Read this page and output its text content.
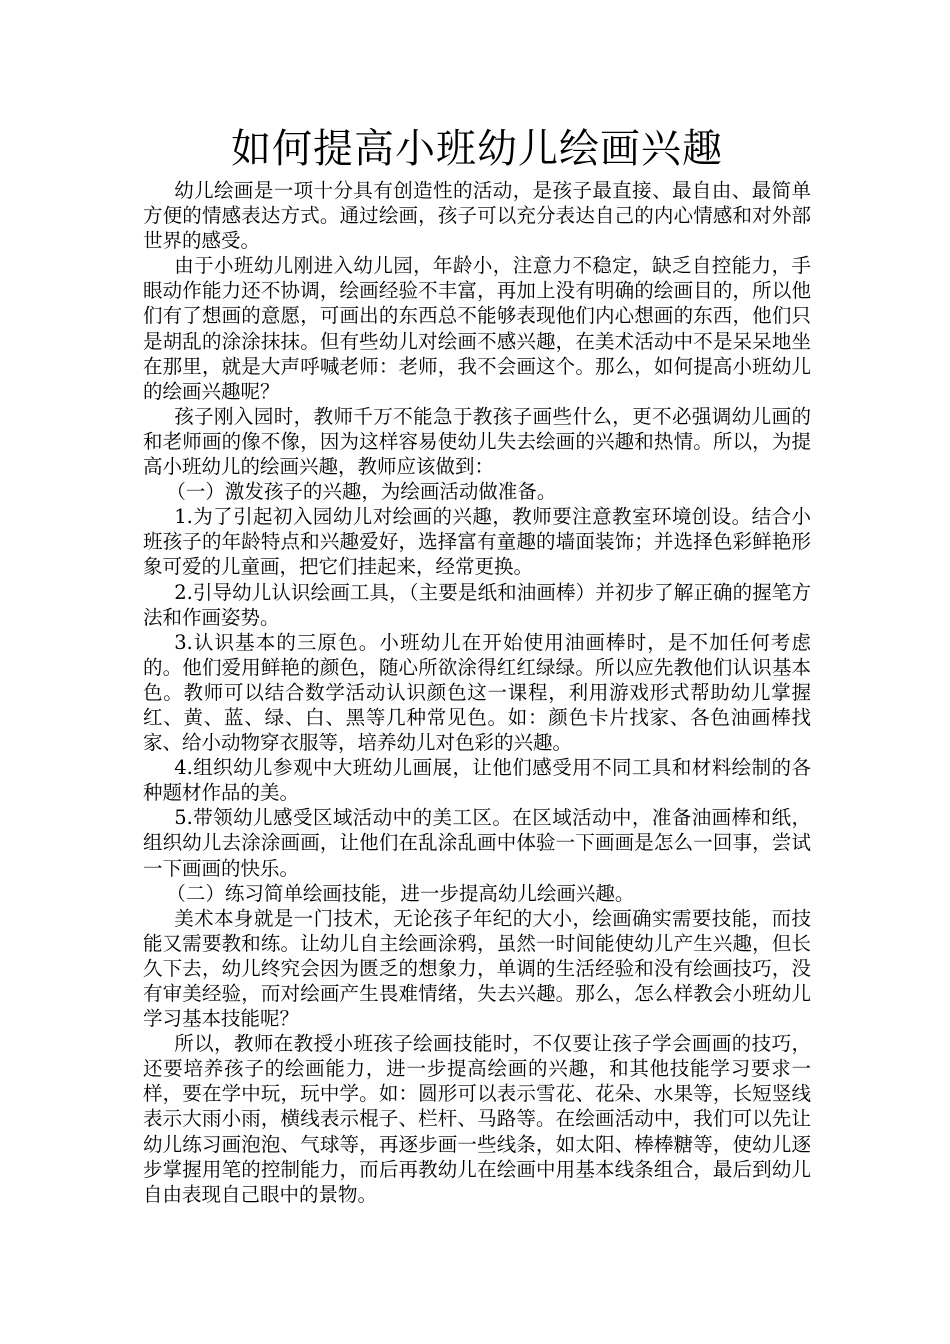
如何提高小班幼儿绘画兴趣

幼儿绘画是一项十分具有创造性的活动，是孩子最直接、最自由、最简单方便的情感表达方式。通过绘画，孩子可以充分表达自己的内心情感和对外部世界的感受。

由于小班幼儿刚进入幼儿园，年龄小，注意力不稳定，缺乏自控能力，手眼动作能力还不协调，绘画经验不丰富，再加上没有明确的绘画目的，所以他们有了想画的意愿，可画出的东西总不能够表现他们内心想画的东西，他们只是胡乱的涂涂抹抹。但有些幼儿对绘画不感兴趣，在美术活动中不是呆呆地坐在那里，就是大声呼喊老师：老师，我不会画这个。那么，如何提高小班幼儿的绘画兴趣呢？

孩子刚入园时，教师千万不能急于教孩子画些什么，更不必强调幼儿画的和老师画的像不像，因为这样容易使幼儿失去绘画的兴趣和热情。所以，为提高小班幼儿的绘画兴趣，教师应该做到：

（一）激发孩子的兴趣，为绘画活动做准备。

1.为了引起初入园幼儿对绘画的兴趣，教师要注意教室环境创设。结合小班孩子的年龄特点和兴趣爱好，选择富有童趣的墙面装饰；并选择色彩鲜艳形象可爱的儿童画，把它们挂起来，经常更换。

2.引导幼儿认识绘画工具，（主要是纸和油画棒）并初步了解正确的握笔方法和作画姿势。

3.认识基本的三原色。小班幼儿在开始使用油画棒时，是不加任何考虑的。他们爱用鲜艳的颜色，随心所欲涂得红红绿绿。所以应先教他们认识基本色。教师可以结合数学活动认识颜色这一课程，利用游戏形式帮助幼儿掌握红、黄、蓝、绿、白、黑等几种常见色。如：颜色卡片找家、各色油画棒找家、给小动物穿衣服等，培养幼儿对色彩的兴趣。

4.组织幼儿参观中大班幼儿画展，让他们感受用不同工具和材料绘制的各种题材作品的美。

5.带领幼儿感受区域活动中的美工区。在区域活动中，准备油画棒和纸，组织幼儿去涂涂画画，让他们在乱涂乱画中体验一下画画是怎么一回事，尝试一下画画的快乐。

（二）练习简单绘画技能，进一步提高幼儿绘画兴趣。

美术本身就是一门技术，无论孩子年纪的大小，绘画确实需要技能，而技能又需要教和练。让幼儿自主绘画涂鸦，虽然一时间能使幼儿产生兴趣，但长久下去，幼儿终究会因为匮乏的想象力，单调的生活经验和没有绘画技巧，没有审美经验，而对绘画产生畏难情绪，失去兴趣。那么，怎么样教会小班幼儿学习基本技能呢？

所以，教师在教授小班孩子绘画技能时，不仅要让孩子学会画画的技巧，还要培养孩子的绘画能力，进一步提高绘画的兴趣，和其他技能学习要求一样，要在学中玩，玩中学。如：圆形可以表示雪花、花朵、水果等，长短竖线表示大雨小雨，横线表示棍子、栏杆、马路等。在绘画活动中，我们可以先让幼儿练习画泡泡、气球等，再逐步画一些线条，如太阳、棒棒糖等，使幼儿逐步掌握用笔的控制能力，而后再教幼儿在绘画中用基本线条组合，最后到幼儿自由表现自己眼中的景物。
